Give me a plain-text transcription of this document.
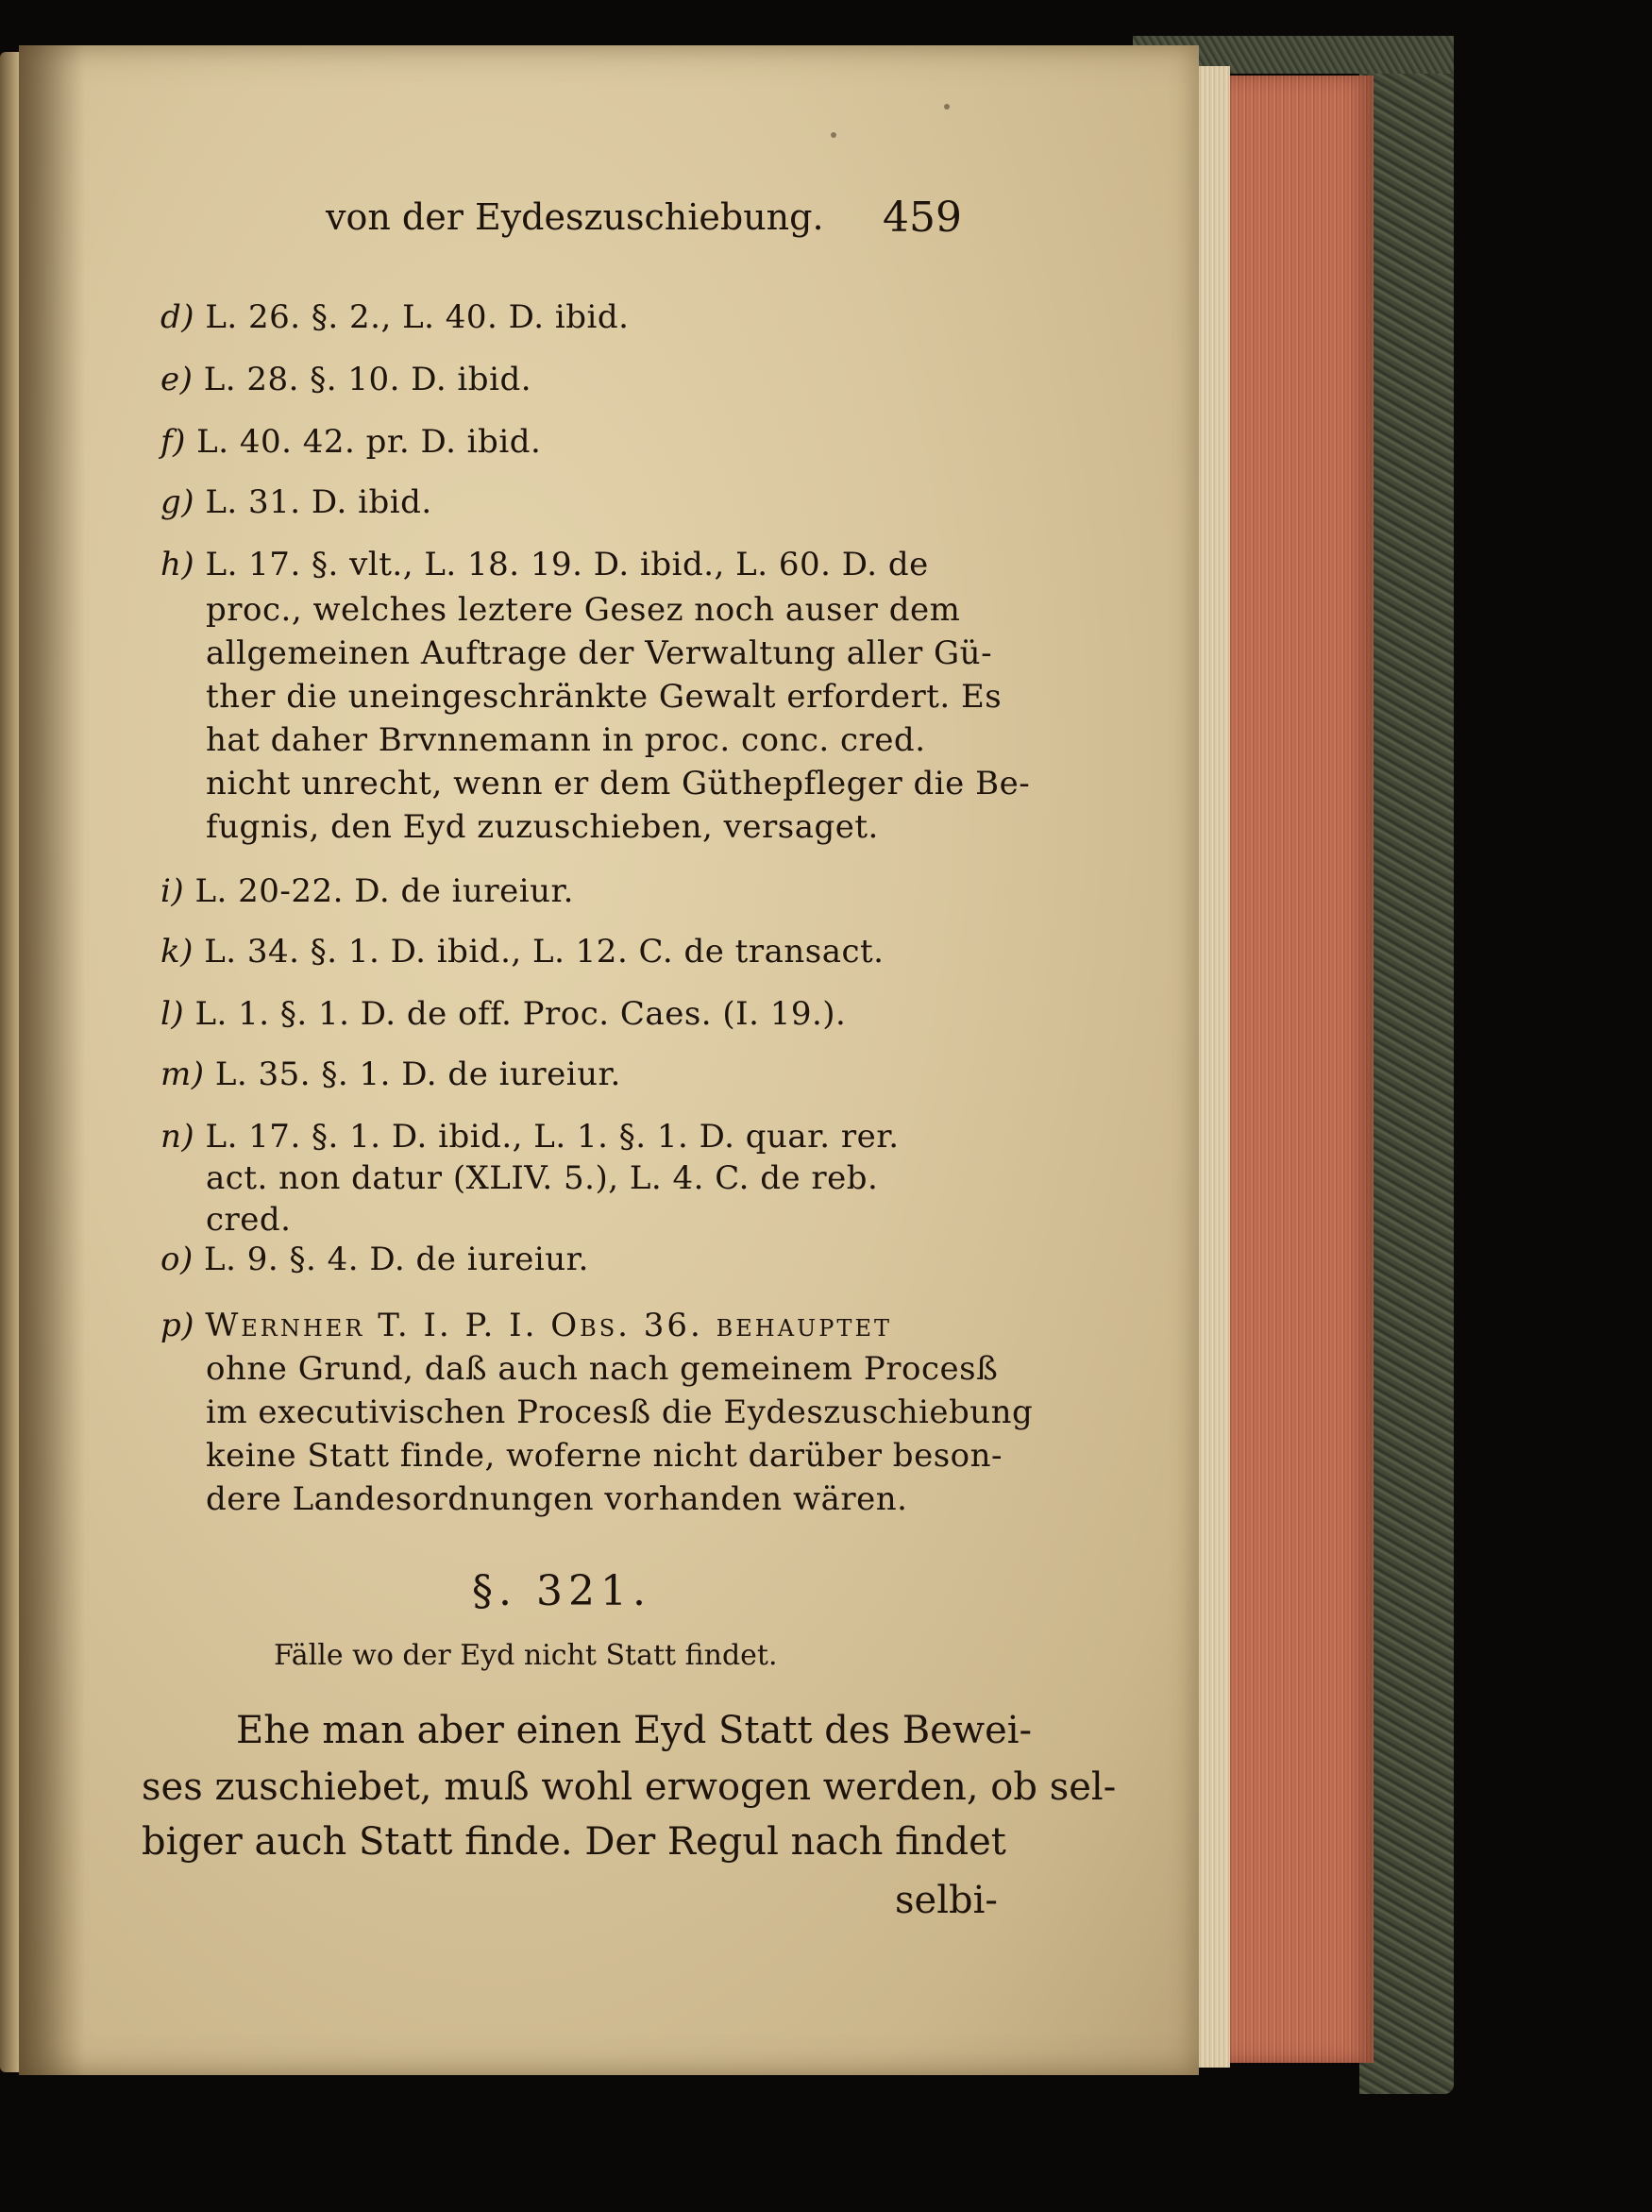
von der Eydeszuschiebung. 459
d) L. 26. §. 2., L. 40. D. ibid.
e) L. 28. §. 10. D. ibid.
f) L. 40. 42. pr. D. ibid.
g) L. 31. D. ibid.
h) L. 17. §. vlt., L. 18. 19. D. ibid., L. 60. D. de
proc., welches leztere Gesez noch auser dem
allgemeinen Auftrage der Verwaltung aller Gü-
ther die uneingeschränkte Gewalt erfordert. Es
hat daher Brvnnemann in proc. conc. cred.
nicht unrecht, wenn er dem Güthepfleger die Be-
fugnis, den Eyd zuzuschieben, versaget.
i) L. 20-22. D. de iureiur.
k) L. 34. §. 1. D. ibid., L. 12. C. de transact.
l) L. 1. §. 1. D. de off. Proc. Caes. (I. 19.).
m) L. 35. §. 1. D. de iureiur.
n) L. 17. §. 1. D. ibid., L. 1. §. 1. D. quar. rer.
act. non datur (XLIV. 5.), L. 4. C. de reb.
cred.
o) L. 9. §. 4. D. de iureiur.
p) Wernher T. I. P. I. Obs. 36. behauptet
ohne Grund, daß auch nach gemeinem Procesß
im executivischen Procesß die Eydeszuschiebung
keine Statt finde, woferne nicht darüber beson-
dere Landesordnungen vorhanden wären.
§. 321.
Fälle wo der Eyd nicht Statt findet.
Ehe man aber einen Eyd Statt des Bewei-
ses zuschiebet, muß wohl erwogen werden, ob sel-
biger auch Statt finde. Der Regul nach findet
selbi-
